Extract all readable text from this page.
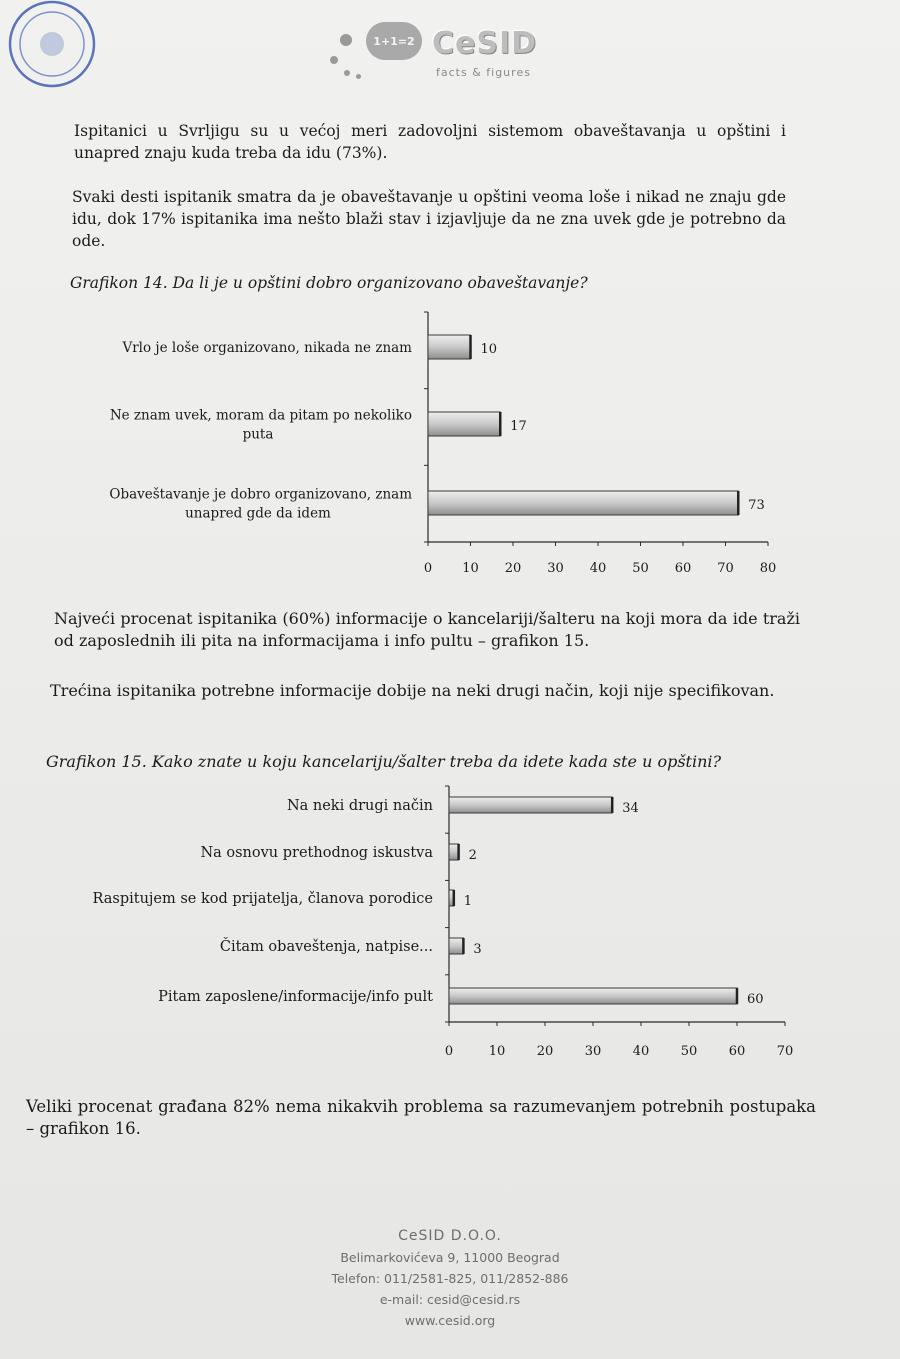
1+1=2 CeSID
facts & figures
Ispitanici u Svrljigu su u većoj meri zadovoljni sistemom obaveštavanja u opštini i unapred znaju kuda treba da idu (73%).
Svaki desti ispitanik smatra da je obaveštavanje u opštini veoma loše i nikad ne znaju gde idu, dok 17% ispitanika ima nešto blaži stav i izjavljuje da ne zna uvek gde je potrebno da ode.
Grafikon 14. Da li je u opštini dobro organizovano obaveštavanje?
0 10 20 30 40 50 60 70 80
10
Vrlo je loše organizovano, nikada ne znam
17
Ne znam uvek, moram da pitam po nekoliko
puta
73
Obaveštavanje je dobro organizovano, znam
unapred gde da idem
Najveći procenat ispitanika (60%) informacije o kancelariji/šalteru na koji mora da ide traži od zaposlednih ili pita na informacijama i info pultu – grafikon 15.
Trećina ispitanika potrebne informacije dobije na neki drugi način, koji nije specifikovan.
Grafikon 15. Kako znate u koju kancelariju/šalter treba da idete kada ste u opštini?
0	10 20 30 40 50 60 70
34
Na neki drugi način
2
Na osnovu prethodnog iskustva
1
Raspitujem se kod prijatelja, članova porodice
3
Čitam obaveštenja, natpise...
60
Pitam zaposlene/informacije/info pult
Veliki procenat građana 82% nema nikakvih problema sa razumevanjem potrebnih postupaka – grafikon 16.
CeSID D.O.O.
Belimarkovićeva 9, 11000 Beograd
Telefon: 011/2581-825, 011/2852-886
e-mail: cesid@cesid.rs
www.cesid.org
